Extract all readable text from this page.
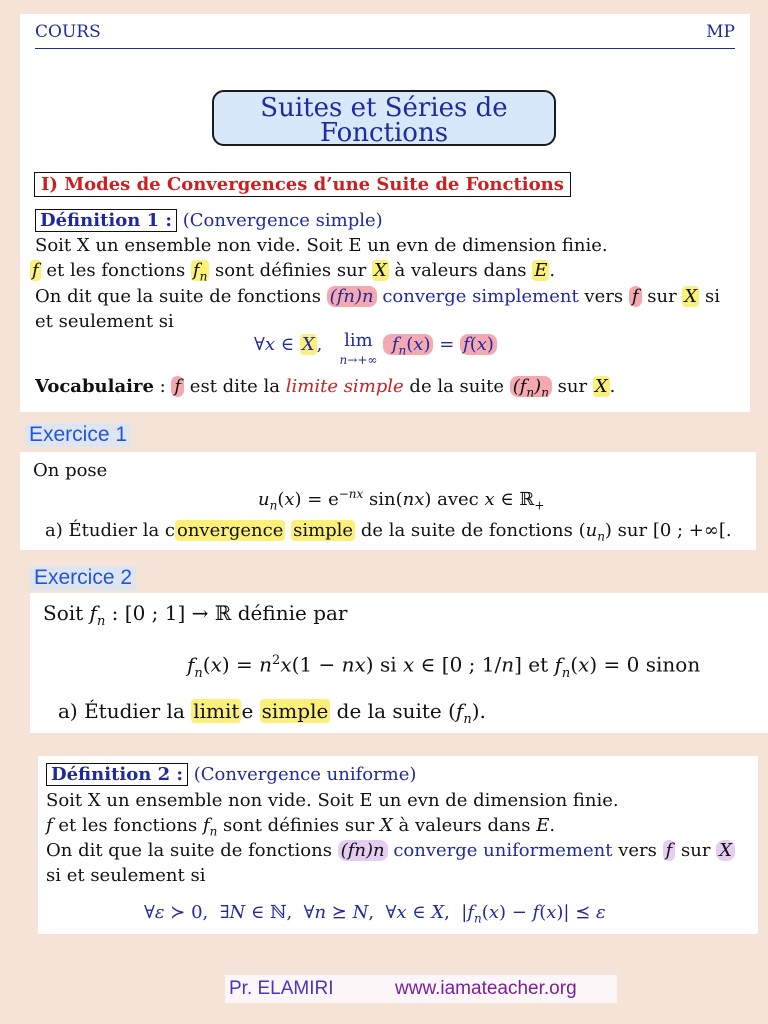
COURS	MP
Suites et Séries de
Fonctions
I) Modes de Convergences d’une Suite de Fonctions
Définition 1 : (Convergence simple)
Soit X un ensemble non vide. Soit E un evn de dimension finie.
f et les fonctions $f_n$ sont définies sur X à valeurs dans E .
On dit que la suite de fonctions (fn)n converge simplement vers f sur X si
et seulement si
∀x ∈ X ,   lim
n→+∞  $f_n(x) = f(x)$
Vocabulaire : f est dite la limite simple de la suite $(f_n)_n$ sur X .
Exercice 1
On pose
$u_n(x) = e^{-nx}$ sin(nx) avec x ∈ ℝ$_+$
a) Étudier la c onvergence simple de la suite de fonctions $(u_n)$ sur [0 ; +∞[.
Exercice 2
Soit $f_n$ : [0 ; 1] → ℝ définie par
$f_n(x) = n^2x(1 - nx)$ si x ∈ [0 ; 1/n] et $f_n(x) = 0$ sinon
a) Étudier la limit e simple de la suite $(f_n)$.
Définition 2 : (Convergence uniforme)
Soit X un ensemble non vide. Soit E un evn de dimension finie.
f et les fonctions $f_n$ sont définies sur X à valeurs dans E.
On dit que la suite de fonctions (fn)n converge uniformement vers f sur X
si et seulement si
∀ε ≻ 0,  ∃N ∈ ℕ,  ∀n ⪰ N,  ∀x ∈ X,  $|f_n(x) - f(x)|$ ⪯ ε
Pr. ELAMIRI	www.iamateacher.org
